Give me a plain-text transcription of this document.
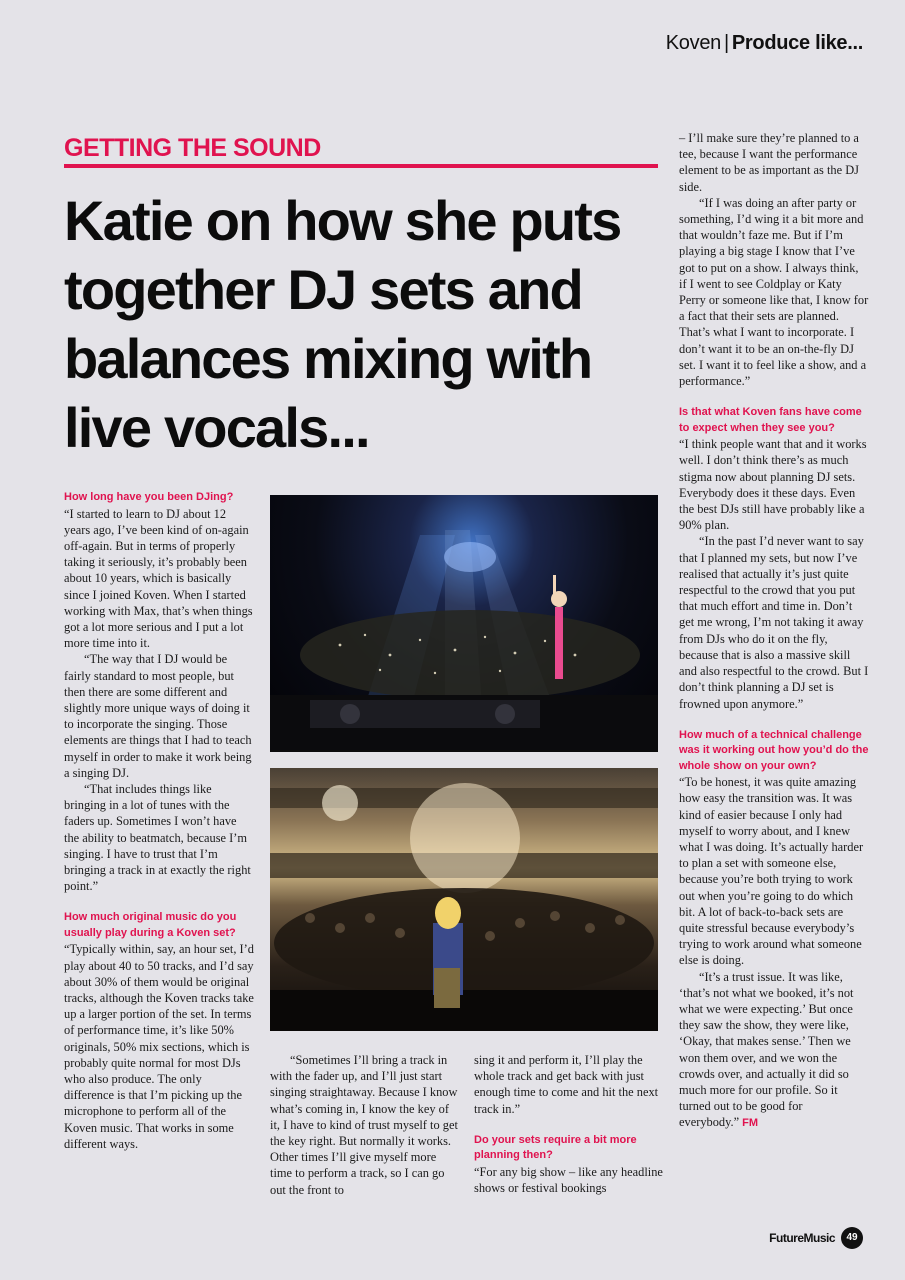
Koven | Produce like...
GETTING THE SOUND
Katie on how she puts together DJ sets and balances mixing with live vocals...

How long have you been DJing?

“I started to learn to DJ about 12 years ago, I’ve been kind of on-again off-again. But in terms of properly taking it seriously, it’s probably been about 10 years, which is basically since I joined Koven. When I started working with Max, that’s when things got a lot more serious and I put a lot more time into it.

“The way that I DJ would be fairly standard to most people, but then there are some different and slightly more unique ways of doing it to incorporate the singing. Those elements are things that I had to teach myself in order to make it work being a singing DJ.

“That includes things like bringing in a lot of tunes with the faders up. Sometimes I won’t have the ability to beatmatch, because I’m singing. I have to trust that I’m bringing a track in at exactly the right point.”

How much original music do you usually play during a Koven set?

“Typically within, say, an hour set, I’d play about 40 to 50 tracks, and I’d say about 30% of them would be original tracks, although the Koven tracks take up a larger portion of the set. In terms of performance time, it’s like 50% originals, 50% mix sections, which is probably quite normal for most DJs who also produce. The only difference is that I’m picking up the microphone to perform all of the Koven music. That works in some different ways.

“Sometimes I’ll bring a track in with the fader up, and I’ll just start singing straightaway. Because I know what’s coming in, I know the key of it, I have to kind of trust myself to get the key right. But normally it works. Other times I’ll give myself more time to perform a track, so I can go out the front to

sing it and perform it, I’ll play the whole track and get back with just enough time to come and hit the next track in.”

Do your sets require a bit more planning then?

“For any big show – like any headline shows or festival bookings

– I’ll make sure they’re planned to a tee, because I want the performance element to be as important as the DJ side.

“If I was doing an after party or something, I’d wing it a bit more and that wouldn’t faze me. But if I’m playing a big stage I know that I’ve got to put on a show. I always think, if I went to see Coldplay or Katy Perry or someone like that, I know for a fact that their sets are planned. That’s what I want to incorporate. I don’t want it to be an on-the-fly DJ set. I want it to feel like a show, and a performance.”

Is that what Koven fans have come to expect when they see you?

“I think people want that and it works well. I don’t think there’s as much stigma now about planning DJ sets. Everybody does it these days. Even the best DJs still have probably like a 90% plan.

“In the past I’d never want to say that I planned my sets, but now I’ve realised that actually it’s just quite respectful to the crowd that you put that much effort and time in. Don’t get me wrong, I’m not taking it away from DJs who do it on the fly, because that is also a massive skill and also respectful to the crowd. But I don’t think planning a DJ set is frowned upon anymore.”

How much of a technical challenge was it working out how you’d do the whole show on your own?

“To be honest, it was quite amazing how easy the transition was. It was kind of easier because I only had myself to worry about, and I knew what I was doing. It’s actually harder to plan a set with someone else, because you’re both trying to work out when you’re going to do which bit. A lot of back-to-back sets are quite stressful because everybody’s trying to work around what someone else is doing.

“It’s a trust issue. It was like, ‘that’s not what we booked, it’s not what we were expecting.’ But once they saw the show, they were like, ‘Okay, that makes sense.’ Then we won them over, and we won the crowds over, and actually it did so much more for our profile. So it turned out to be good for everybody.” FM

FutureMusic	49
